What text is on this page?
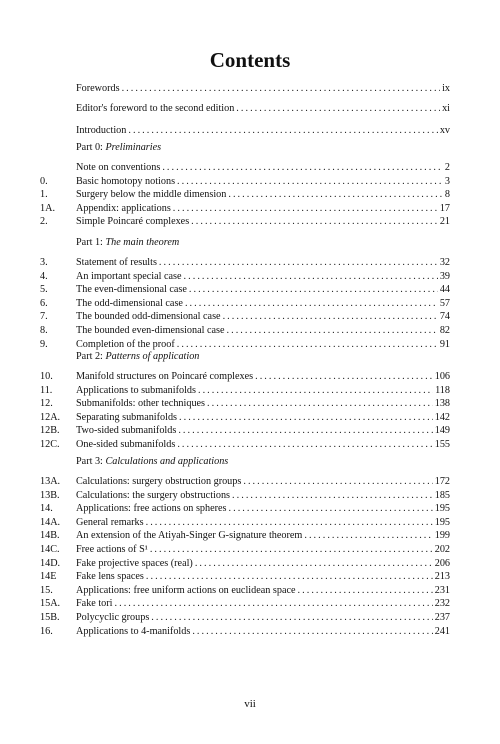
Contents
Forewords . . .	ix
Editor's foreword to the second edition . . .	xi
Introduction . . .	xv
Part 0: Preliminaries
Note on conventions . . .	2
0.	Basic homotopy notions . . .	3
1.	Surgery below the middle dimension . . .	8
1A.	Appendix: applications . . .	17
2.	Simple Poincaré complexes . . .	21
Part 1: The main theorem
3.	Statement of results . . .	32
4.	An important special case . . .	39
5.	The even-dimensional case . . .	44
6.	The odd-dimensional case . . .	57
7.	The bounded odd-dimensional case . . .	74
8.	The bounded even-dimensional case . . .	82
9.	Completion of the proof . . .	91
Part 2: Patterns of application
10.	Manifold structures on Poincaré complexes . . .	106
11.	Applications to submanifolds . . .	118
12.	Submanifolds: other techniques . . .	138
12A.	Separating submanifolds . . .	142
12B.	Two-sided submanifolds . . .	149
12C.	One-sided submanifolds . . .	155
Part 3: Calculations and applications
13A.	Calculations: surgery obstruction groups . . .	172
13B.	Calculations: the surgery obstructions . . .	185
14.	Applications: free actions on spheres . . .	195
14A.	General remarks . . .	195
14B.	An extension of the Atiyah-Singer G-signature theorem . . .	199
14C.	Free actions of S¹ . . .	202
14D.	Fake projective spaces (real) . . .	206
14E	Fake lens spaces . . .	213
15.	Applications: free uniform actions on euclidean space . . .	231
15A.	Fake tori . . .	232
15B.	Polycyclic groups . . .	237
16.	Applications to 4-manifolds . . .	241
vii
